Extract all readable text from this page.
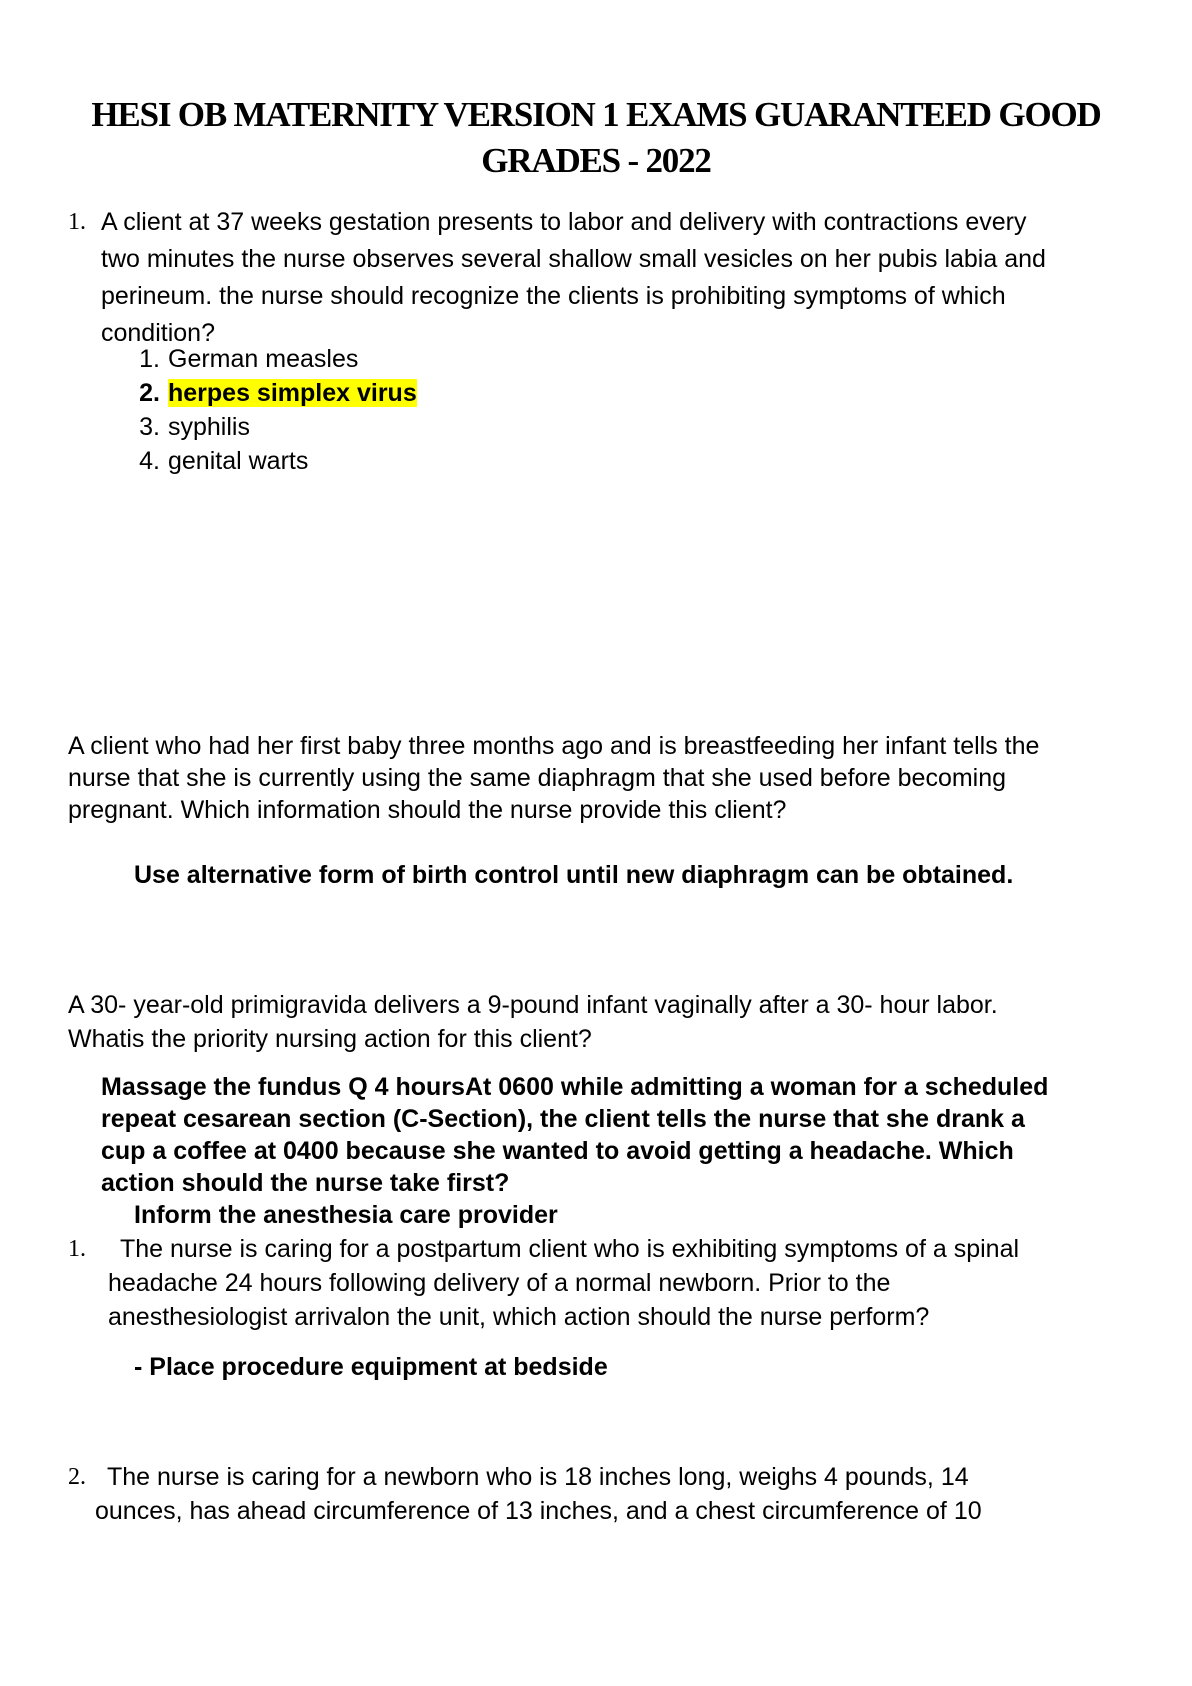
HESI OB MATERNITY VERSION 1 EXAMS GUARANTEED GOOD GRADES - 2022
1. A client at 37 weeks gestation presents to labor and delivery with contractions every two minutes the nurse observes several shallow small vesicles on her pubis labia and perineum. the nurse should recognize the clients is prohibiting symptoms of which condition?
1. German measles
2. herpes simplex virus
3. syphilis
4. genital warts
A client who had her first baby three months ago and is breastfeeding her infant tells the nurse that she is currently using the same diaphragm that she used before becoming pregnant. Which information should the nurse provide this client?
Use alternative form of birth control until new diaphragm can be obtained.
A 30- year-old primigravida delivers a 9-pound infant vaginally after a 30- hour labor. Whatis the priority nursing action for this client?
Massage the fundus Q 4 hoursAt 0600 while admitting a woman for a scheduled repeat cesarean section (C-Section), the client tells the nurse that she drank a cup a coffee at 0400 because she wanted to avoid getting a headache. Which action should the nurse take first?
Inform the anesthesia care provider
1.	The nurse is caring for a postpartum client who is exhibiting symptoms of a spinal headache 24 hours following delivery of a normal newborn. Prior to the anesthesiologist arrivalon the unit, which action should the nurse perform?
- Place procedure equipment at bedside
2. The nurse is caring for a newborn who is 18 inches long, weighs 4 pounds, 14 ounces, has ahead circumference of 13 inches, and a chest circumference of 10
